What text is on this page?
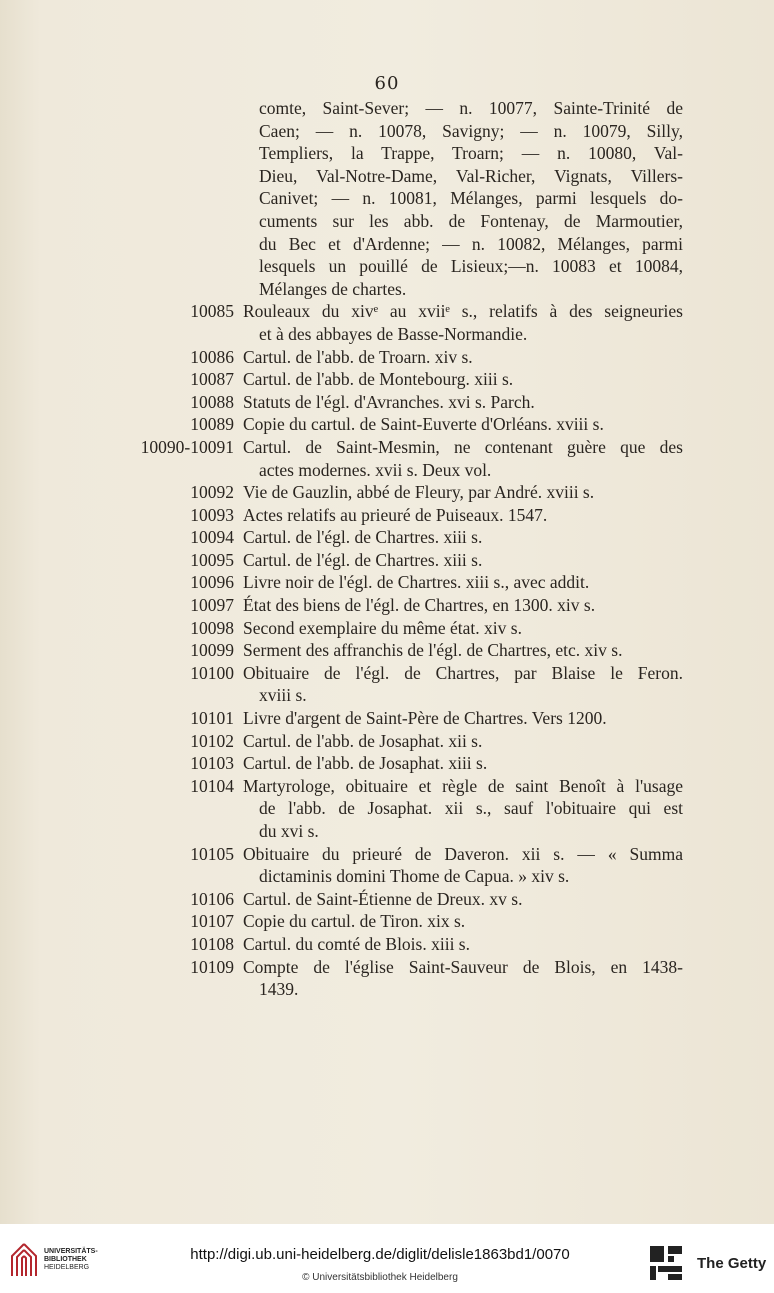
60
comte, Saint-Sever; — n. 10077, Sainte-Trinité de
Caen; — n. 10078, Savigny; — n. 10079, Silly,
Templiers, la Trappe, Troarn; — n. 10080, Val-
Dieu, Val-Notre-Dame, Val-Richer, Vignats, Villers-
Canivet; — n. 10081, Mélanges, parmi lesquels do-
cuments sur les abb. de Fontenay, de Marmoutier,
du Bec et d'Ardenne; — n. 10082, Mélanges, parmi
lesquels un pouillé de Lisieux;—n. 10083 et 10084,
Mélanges de chartes.
10085 Rouleaux du xivᵉ au xviiᵉ s., relatifs à des seigneuries
et à des abbayes de Basse-Normandie.
10086 Cartul. de l'abb. de Troarn. xiv s.
10087 Cartul. de l'abb. de Montebourg. xiii s.
10088 Statuts de l'égl. d'Avranches. xvi s. Parch.
10089 Copie du cartul. de Saint-Euverte d'Orléans. xviii s.
10090-10091 Cartul. de Saint-Mesmin, ne contenant guère que des
actes modernes. xvii s. Deux vol.
10092 Vie de Gauzlin, abbé de Fleury, par André. xviii s.
10093 Actes relatifs au prieuré de Puiseaux. 1547.
10094 Cartul. de l'égl. de Chartres. xiii s.
10095 Cartul. de l'égl. de Chartres. xiii s.
10096 Livre noir de l'égl. de Chartres. xiii s., avec addit.
10097 État des biens de l'égl. de Chartres, en 1300. xiv s.
10098 Second exemplaire du même état. xiv s.
10099 Serment des affranchis de l'égl. de Chartres, etc. xiv s.
10100 Obituaire de l'égl. de Chartres, par Blaise le Feron.
xviii s.
10101 Livre d'argent de Saint-Père de Chartres. Vers 1200.
10102 Cartul. de l'abb. de Josaphat. xii s.
10103 Cartul. de l'abb. de Josaphat. xiii s.
10104 Martyrologe, obituaire et règle de saint Benoît à l'usage
de l'abb. de Josaphat. xii s., sauf l'obituaire qui est
du xvi s.
10105 Obituaire du prieuré de Daveron. xii s. — « Summa
dictaminis domini Thome de Capua. » xiv s.
10106 Cartul. de Saint-Étienne de Dreux. xv s.
10107 Copie du cartul. de Tiron. xix s.
10108 Cartul. du comté de Blois. xiii s.
10109 Compte de l'église Saint-Sauveur de Blois, en 1438-
1439.
UNIVERSITÄTS-
BIBLIOTHEK
HEIDELBERG
http://digi.ub.uni-heidelberg.de/diglit/delisle1863bd1/0070
© Universitätsbibliothek Heidelberg
The Getty
